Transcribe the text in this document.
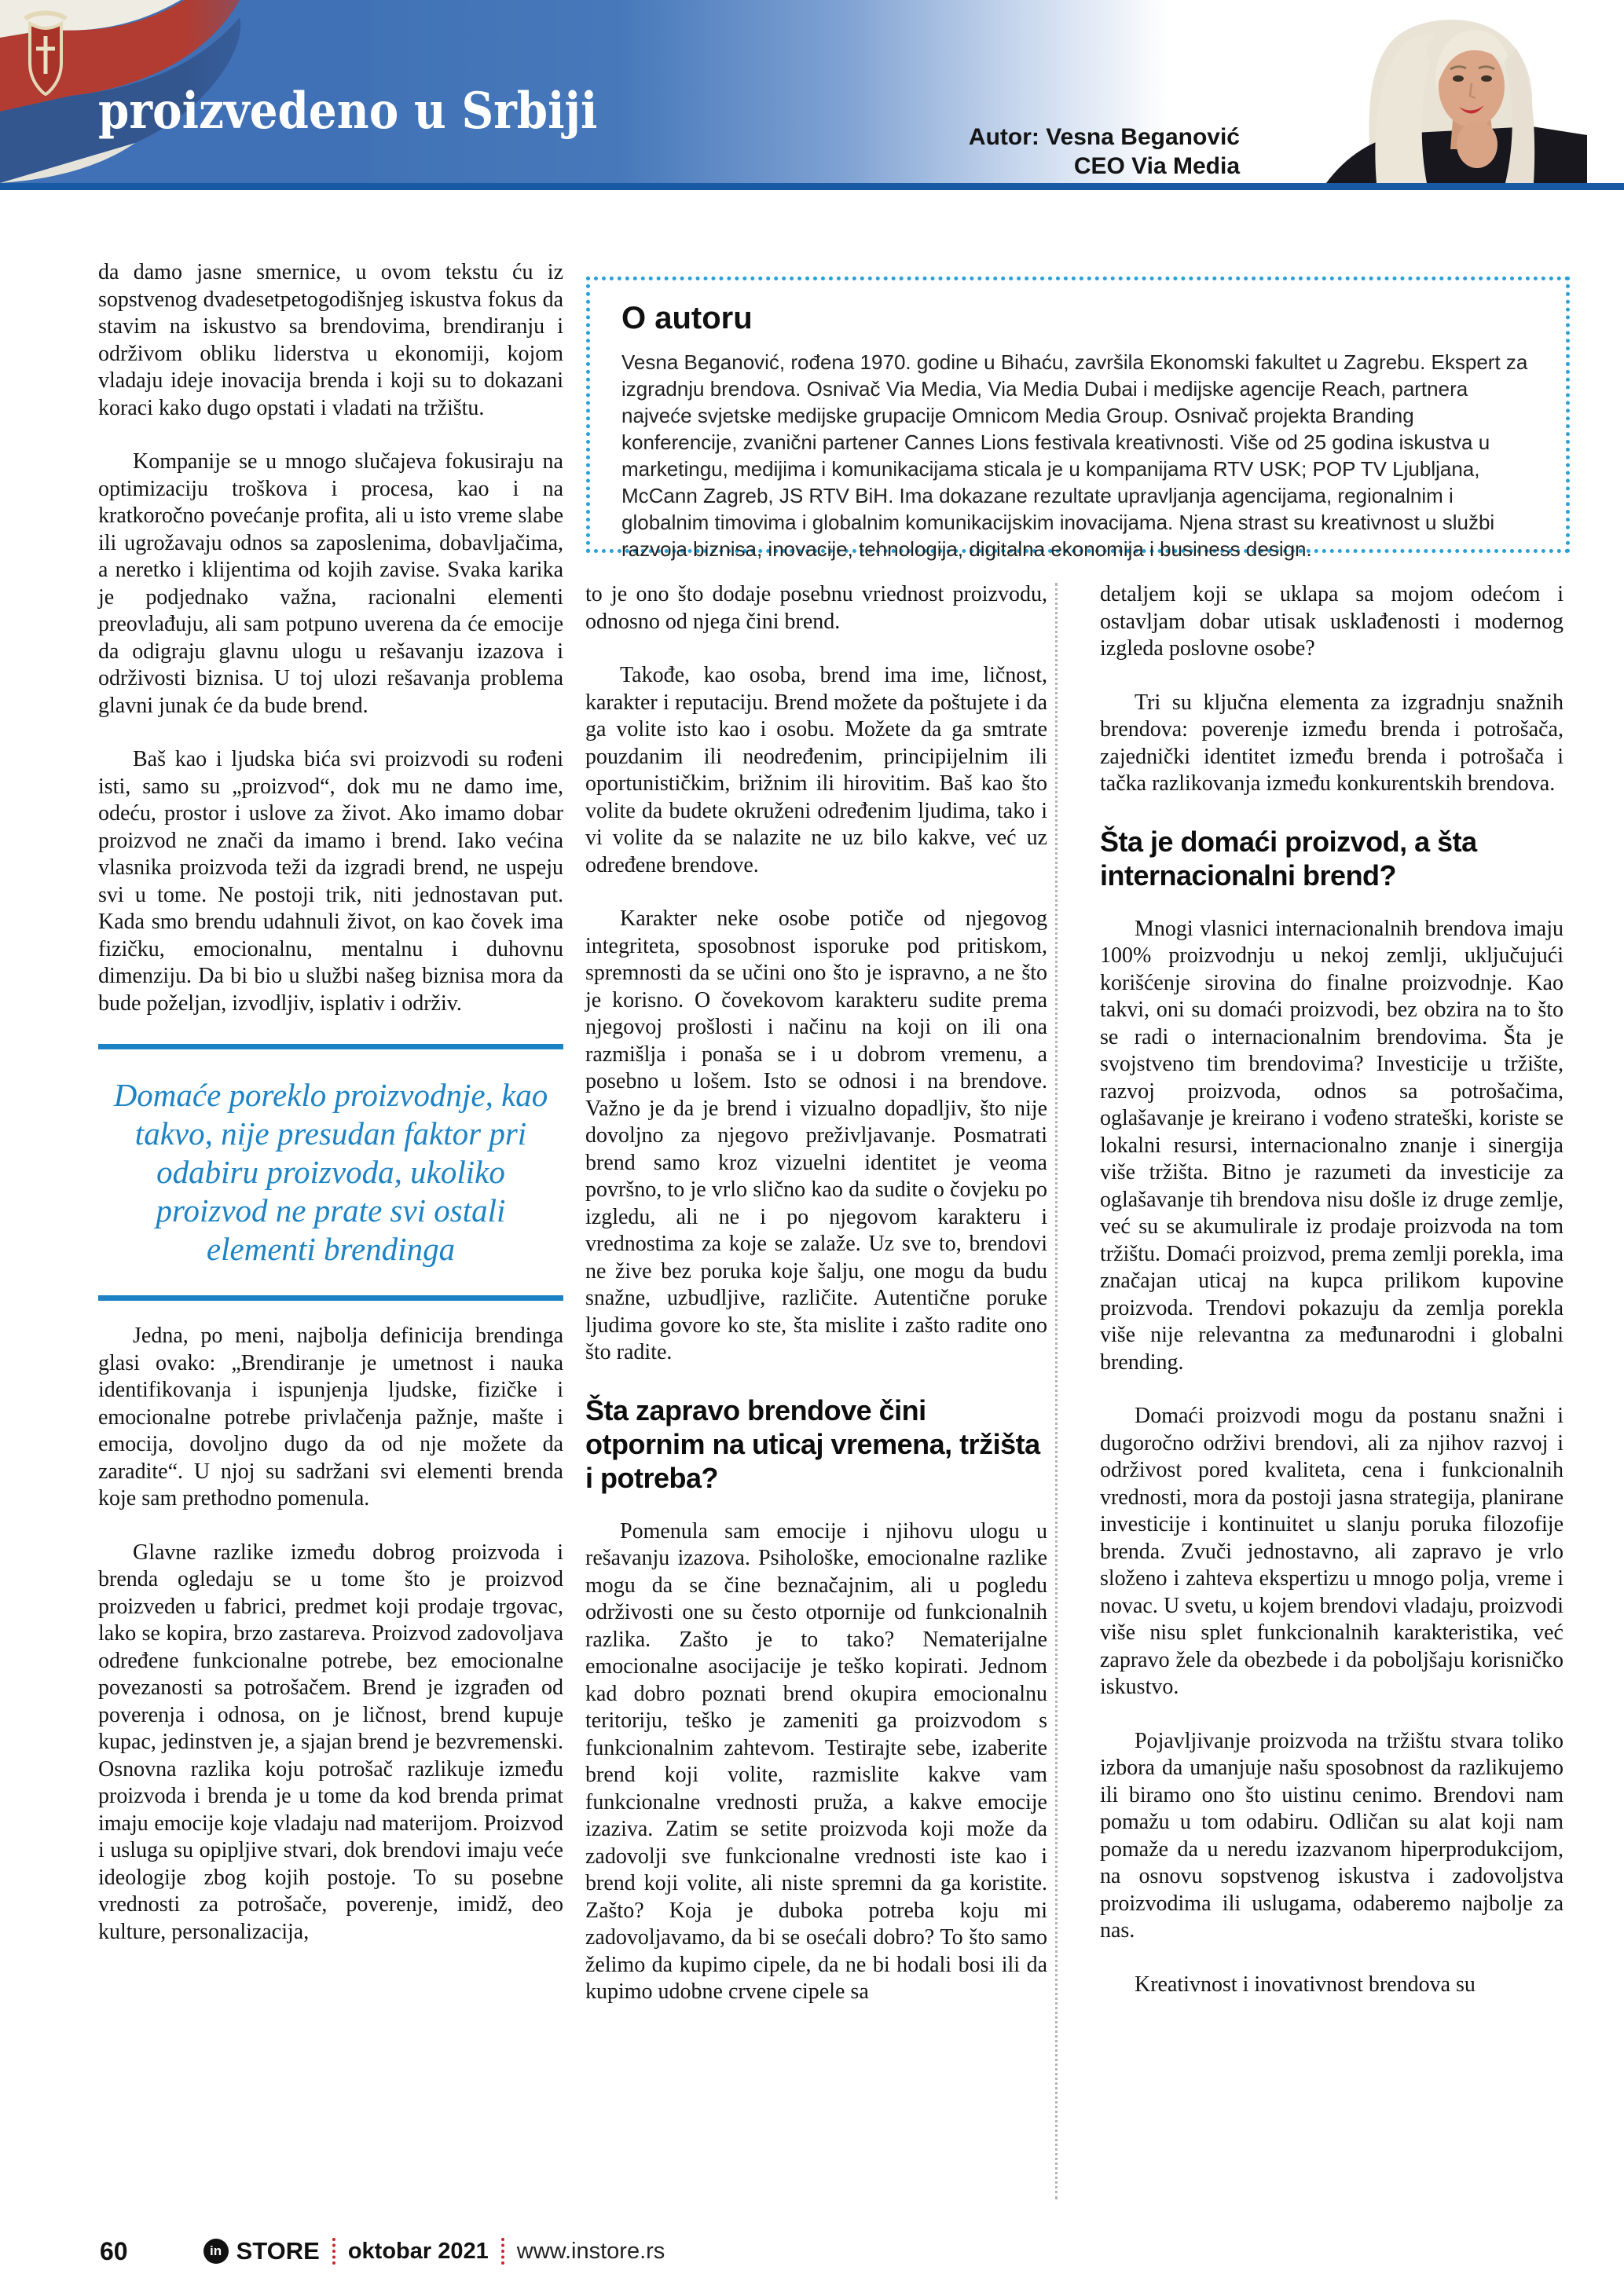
proizvedeno u Srbiji	Autor: Vesna Beganović
CEO Via Media
O autoru
Vesna Beganović, rođena 1970. godine u Bihaću, završila Ekonomski fakultet u Zagrebu. Ekspert za izgradnju brendova. Osnivač Via Media, Via Media Dubai i medijske agencije Reach, partnera najveće svjetske medijske grupacije Omnicom Media Group. Osnivač projekta Branding konferencije, zvanični partener Cannes Lions festivala kreativnosti. Više od 25 godina iskustva u marketingu, medijima i komunikacijama sticala je u kompanijama RTV USK; POP TV Ljubljana, McCann Zagreb, JS RTV BiH. Ima dokazane rezultate upravljanja agencijama, regionalnim i globalnim timovima i globalnim komunikacijskim inovacijama. Njena strast su kreativnost u službi razvoja biznisa, inovacije, tehnologija, digitalna ekonomija i business design.

da damo jasne smernice, u ovom tekstu ću iz sopstvenog dvadesetpetogodišnjeg iskustva fokus da stavim na iskustvo sa brendovima, brendiranju i održivom obliku liderstva u ekonomiji, kojom vladaju ideje inovacija brenda i koji su to dokazani koraci kako dugo opstati i vladati na tržištu.

Kompanije se u mnogo slučajeva fokusiraju na optimizaciju troškova i procesa, kao i na kratkoročno povećanje profita, ali u isto vreme slabe ili ugrožavaju odnos sa zaposlenima, dobavljačima, a neretko i klijentima od kojih zavise. Svaka karika je podjednako važna, racionalni elementi preovlađuju, ali sam potpuno uverena da će emocije da odigraju glavnu ulogu u rešavanju izazova i održivosti biznisa. U toj ulozi rešavanja problema glavni junak će da bude brend.

Baš kao i ljudska bića svi proizvodi su rođeni isti, samo su „proizvod“, dok mu ne damo ime, odeću, prostor i uslove za život. Ako imamo dobar proizvod ne znači da imamo i brend. Iako većina vlasnika proizvoda teži da izgradi brend, ne uspeju svi u tome. Ne postoji trik, niti jednostavan put. Kada smo brendu udahnuli život, on kao čovek ima fizičku, emocionalnu, mentalnu i duhovnu dimenziju. Da bi bio u službi našeg biznisa mora da bude poželjan, izvodljiv, isplativ i održiv.

Domaće poreklo proizvodnje, kao takvo, nije presudan faktor pri odabiru proizvoda, ukoliko proizvod ne prate svi ostali elementi brendinga

Jedna, po meni, najbolja definicija brendinga glasi ovako: „Brendiranje je umetnost i nauka identifikovanja i ispunjenja ljudske, fizičke i emocionalne potrebe privlačenja pažnje, mašte i emocija, dovoljno dugo da od nje možete da zaradite“. U njoj su sadržani svi elementi brenda koje sam prethodno pomenula.

Glavne razlike između dobrog proizvoda i brenda ogledaju se u tome što je proizvod proizveden u fabrici, predmet koji prodaje trgovac, lako se kopira, brzo zastareva. Proizvod zadovoljava određene funkcionalne potrebe, bez emocionalne povezanosti sa potrošačem. Brend je izgrađen od poverenja i odnosa, on je ličnost, brend kupuje kupac, jedinstven je, a sjajan brend je bezvremenski. Osnovna razlika koju potrošač razlikuje između proizvoda i brenda je u tome da kod brenda primat imaju emocije koje vladaju nad materijom. Proizvod i usluga su opipljive stvari, dok brendovi imaju veće ideologije zbog kojih postoje. To su posebne vrednosti za potrošače, poverenje, imidž, deo kulture, personalizacija,

to je ono što dodaje posebnu vriednost proizvodu, odnosno od njega čini brend.

Takođe, kao osoba, brend ima ime, ličnost, karakter i reputaciju. Brend možete da poštujete i da ga volite isto kao i osobu. Možete da ga smtrate pouzdanim ili neodređenim, principijelnim ili oportunističkim, brižnim ili hirovitim. Baš kao što volite da budete okruženi određenim ljudima, tako i vi volite da se nalazite ne uz bilo kakve, već uz određene brendove.

Karakter neke osobe potiče od njegovog integriteta, sposobnost isporuke pod pritiskom, spremnosti da se učini ono što je ispravno, a ne što je korisno. O čovekovom karakteru sudite prema njegovoj prošlosti i načinu na koji on ili ona razmišlja i ponaša se i u dobrom vremenu, a posebno u lošem. Isto se odnosi i na brendove. Važno je da je brend i vizualno dopadljiv, što nije dovoljno za njegovo preživljavanje. Posmatrati brend samo kroz vizuelni identitet je veoma površno, to je vrlo slično kao da sudite o čovjeku po izgledu, ali ne i po njegovom karakteru i vrednostima za koje se zalaže. Uz sve to, brendovi ne žive bez poruka koje šalju, one mogu da budu snažne, uzbudljive, različite. Autentične poruke ljudima govore ko ste, šta mislite i zašto radite ono što radite.

Šta zapravo brendove čini otpornim na uticaj vremena, tržišta i potreba?

Pomenula sam emocije i njihovu ulogu u rešavanju izazova. Psihološke, emocionalne razlike mogu da se čine beznačajnim, ali u pogledu održivosti one su često otpornije od funkcionalnih razlika. Zašto je to tako? Nematerijalne emocionalne asocijacije je teško kopirati. Jednom kad dobro poznati brend okupira emocionalnu teritoriju, teško je zameniti ga proizvodom s funkcionalnim zahtevom. Testirajte sebe, izaberite brend koji volite, razmislite kakve vam funkcionalne vrednosti pruža, a kakve emocije izaziva. Zatim se setite proizvoda koji može da zadovolji sve funkcionalne vrednosti iste kao i brend koji volite, ali niste spremni da ga koristite. Zašto? Koja je duboka potreba koju mi zadovoljavamo, da bi se osećali dobro? To što samo želimo da kupimo cipele, da ne bi hodali bosi ili da kupimo udobne crvene cipele sa

detaljem koji se uklapa sa mojom odećom i ostavljam dobar utisak usklađenosti i modernog izgleda poslovne osobe?

Tri su ključna elementa za izgradnju snažnih brendova: poverenje između brenda i potrošača, zajednički identitet između brenda i potrošača i tačka razlikovanja između konkurentskih brendova.

Šta je domaći proizvod, a šta internacionalni brend?

Mnogi vlasnici internacionalnih brendova imaju 100% proizvodnju u nekoj zemlji, uključujući korišćenje sirovina do finalne proizvodnje. Kao takvi, oni su domaći proizvodi, bez obzira na to što se radi o internacionalnim brendovima. Šta je svojstveno tim brendovima? Investicije u tržište, razvoj proizvoda, odnos sa potrošačima, oglašavanje je kreirano i vođeno strateški, koriste se lokalni resursi, internacionalno znanje i sinergija više tržišta. Bitno je razumeti da investicije za oglašavanje tih brendova nisu došle iz druge zemlje, već su se akumulirale iz prodaje proizvoda na tom tržištu. Domaći proizvod, prema zemlji porekla, ima značajan uticaj na kupca prilikom kupovine proizvoda. Trendovi pokazuju da zemlja porekla više nije relevantna za međunarodni i globalni brending.

Domaći proizvodi mogu da postanu snažni i dugoročno održivi brendovi, ali za njihov razvoj i održivost pored kvaliteta, cena i funkcionalnih vrednosti, mora da postoji jasna strategija, planirane investicije i kontinuitet u slanju poruka filozofije brenda. Zvuči jednostavno, ali zapravo je vrlo složeno i zahteva ekspertizu u mnogo polja, vreme i novac. U svetu, u kojem brendovi vladaju, proizvodi više nisu splet funkcionalnih karakteristika, već zapravo žele da obezbede i da poboljšaju korisničko iskustvo.

Pojavljivanje proizvoda na tržištu stvara toliko izbora da umanjuje našu sposobnost da razlikujemo ili biramo ono što uistinu cenimo. Brendovi nam pomažu u tom odabiru. Odličan su alat koji nam pomaže da u neredu izazvanom hiperprodukcijom, na osnovu sopstvenog iskustva i zadovoljstva proizvodima ili uslugama, odaberemo najbolje za nas.

Kreativnost i inovativnost brendova su

60	in STORE oktobar 2021 www.instore.rs
